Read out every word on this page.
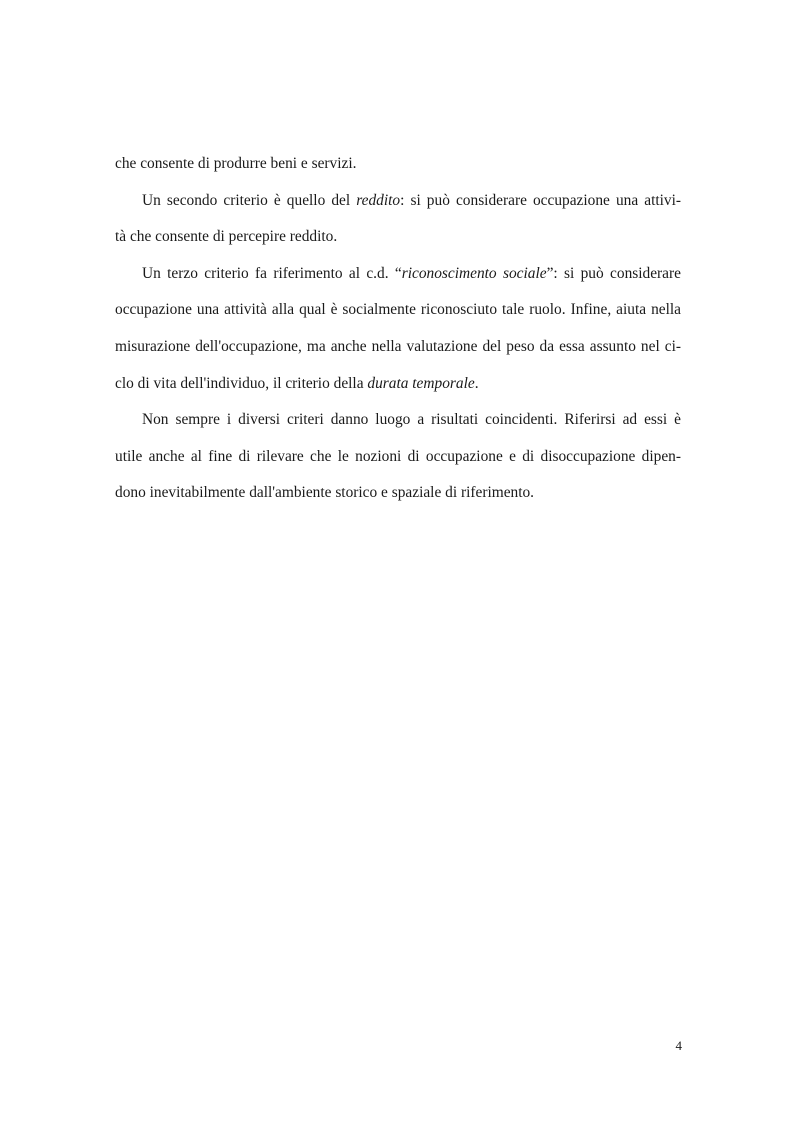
che consente di produrre beni e servizi.
Un secondo criterio è quello del reddito: si può considerare occupazione una attivi-
tà che consente di percepire reddito.
Un terzo criterio fa riferimento al c.d. “riconoscimento sociale”: si può considerare
occupazione una attività alla qual è socialmente riconosciuto tale ruolo. Infine, aiuta nella
misurazione dell'occupazione, ma anche nella valutazione del peso da essa assunto nel ci-
clo di vita dell'individuo, il criterio della durata temporale.
Non sempre i diversi criteri danno luogo a risultati coincidenti. Riferirsi ad essi è
utile anche al fine di rilevare che le nozioni di occupazione e di disoccupazione dipen-
dono inevitabilmente dall'ambiente storico e spaziale di riferimento.
4
